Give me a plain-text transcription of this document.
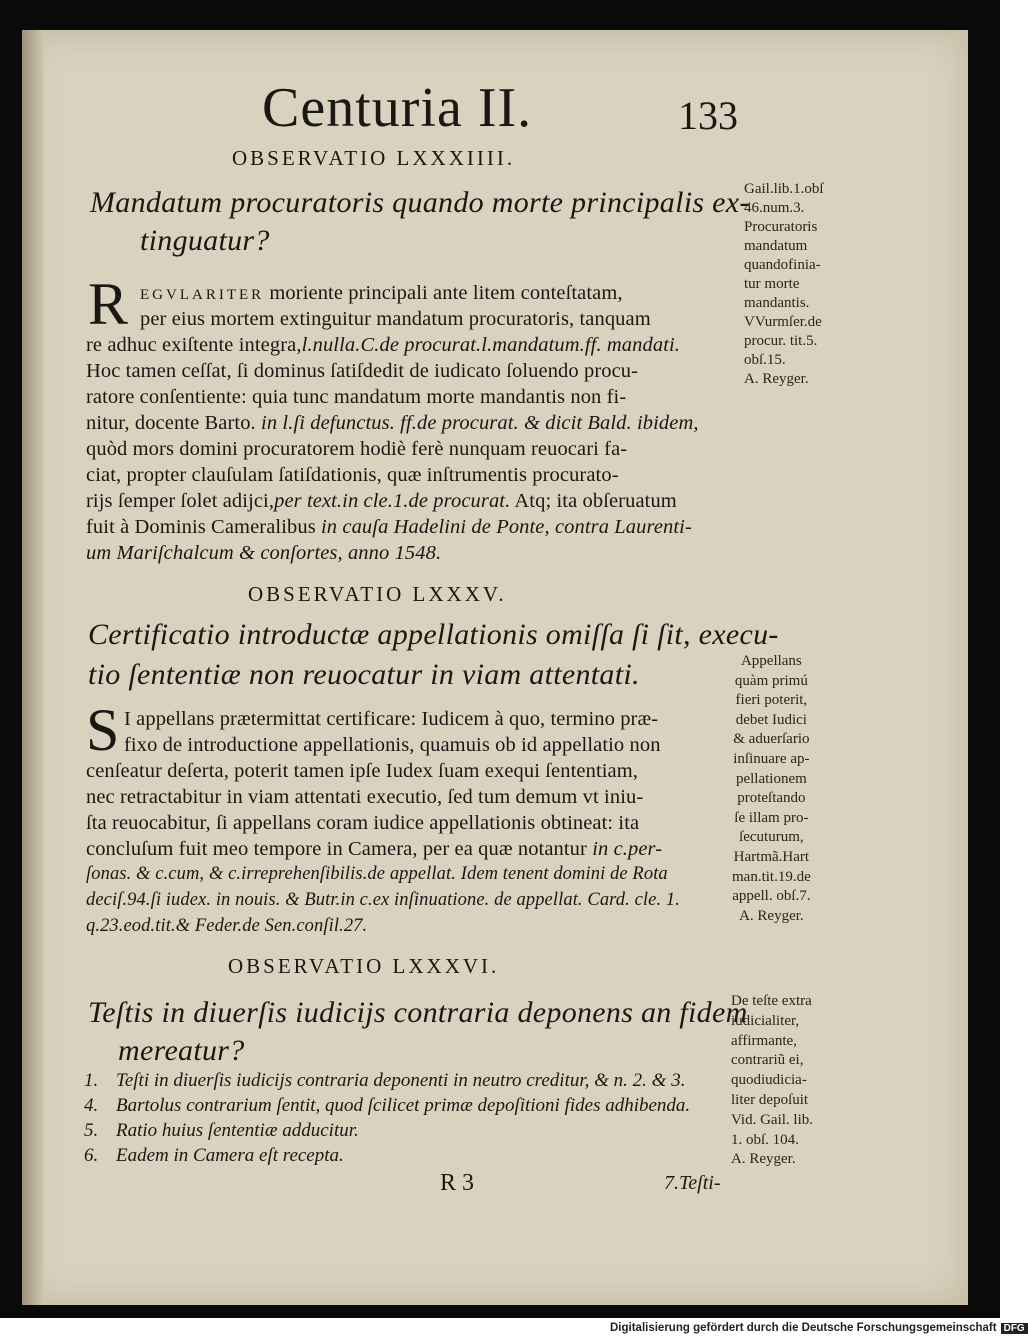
Centuria II.	133
OBSERVATIO LXXXIIII.
Mandatum procuratoris quando morte principalis ex-
tinguatur?
R EGVLARITER moriente principali ante litem conteſtatam,
per eius mortem extinguitur mandatum procuratoris, tanquam
re adhuc exiſtente integra,l.nulla.C.de procurat.l.mandatum.ff. mandati.
Hoc tamen ceſſat, ſi dominus ſatiſdedit de iudicato ſoluendo procu-
ratore conſentiente: quia tunc mandatum morte mandantis non fi-
nitur, docente Barto. in l.ſi defunctus. ff.de procurat. & dicit Bald. ibidem,
quòd mors domini procuratorem hodiè ferè nunquam reuocari fa-
ciat, propter clauſulam ſatiſdationis, quæ inſtrumentis procurato-
rijs ſemper ſolet adijci,per text.in cle.1.de procurat. Atq; ita obſeruatum
fuit à Dominis Cameralibus in cauſa Hadelini de Ponte, contra Laurenti-
um Mariſchalcum & conſortes, anno 1548.
Gail.lib.1.obſ
46.num.3.
Procuratoris
mandatum
quandofinia-
tur morte
mandantis.
VVurmſer.de
procur. tit.5.
obſ.15.
A. Reyger.
OBSERVATIO LXXXV.
Certificatio introductæ appellationis omiſſa ſi ſit, execu-
tio ſententiæ non reuocatur in viam attentati.
S I appellans prætermittat certificare: Iudicem à quo, termino præ-
fixo de introductione appellationis, quamuis ob id appellatio non
cenſeatur deſerta, poterit tamen ipſe Iudex ſuam exequi ſententiam,
nec retractabitur in viam attentati executio, ſed tum demum vt iniu-
ſta reuocabitur, ſi appellans coram iudice appellationis obtineat: ita
concluſum fuit meo tempore in Camera, per ea quæ notantur in c.per-
ſonas. & c.cum, & c.irreprehenſibilis.de appellat. Idem tenent domini de Rota
deciſ.94.ſi iudex. in nouis. & Butr.in c.ex inſinuatione. de appellat. Card. cle. 1.
q.23.eod.tit.& Feder.de Sen.conſil.27.
Appellans
quàm primú
fieri poterit,
debet Iudici
& aduerſario
inſinuare ap-
pellationem
proteſtando
ſe illam pro-
ſecuturum,
Hartmã.Hart
man.tit.19.de
appell. obſ.7.
A. Reyger.
OBSERVATIO LXXXVI.
Teſtis in diuerſis iudicijs contraria deponens an fidem
mereatur?
1. Teſti in diuerſis iudicijs contraria deponenti in neutro creditur, & n. 2. & 3.
4. Bartolus contrarium ſentit, quod ſcilicet primæ depoſitioni fides adhibenda.
5. Ratio huius ſententiæ adducitur.
6. Eadem in Camera eſt recepta.
De teſte extra
iudicialiter,
affirmante,
contrariũ ei,
quodiudicia-
liter depoſuit
Vid. Gail. lib.
1. obſ. 104.
A. Reyger.
R 3	7.Teſti-
Digitalisierung gefördert durch die Deutsche Forschungsgemeinschaft DFG
